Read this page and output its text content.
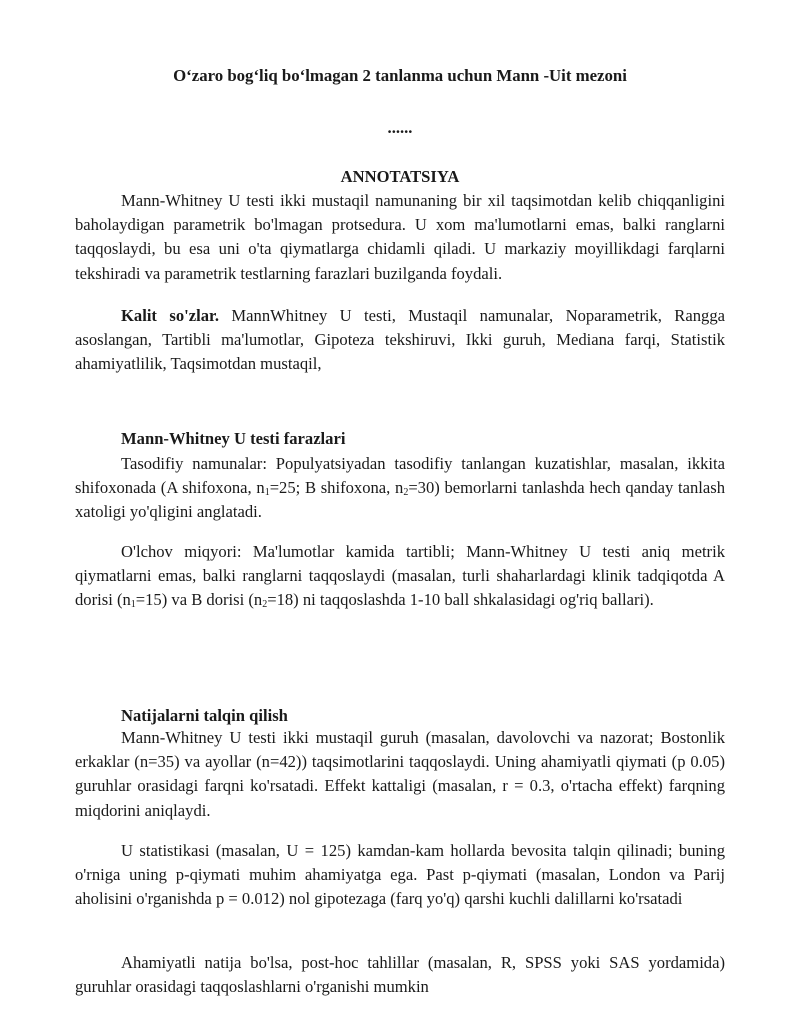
O‘zaro bog‘liq bo‘lmagan 2 tanlanma uchun Mann -Uit mezoni
......
ANNOTATSIYA

Mann-Whitney U testi ikki mustaqil namunaning bir xil taqsimotdan kelib chiqqanligini baholaydigan parametrik bo'lmagan protsedura. U xom ma'lumotlarni emas, balki ranglarni taqqoslaydi, bu esa uni o'ta qiymatlarga chidamli qiladi. U markaziy moyillikdagi farqlarni tekshiradi va parametrik testlarning farazlari buzilganda foydali.

Kalit so'zlar. MannWhitney U testi, Mustaqil namunalar, Noparametrik, Rangga asoslangan, Tartibli ma'lumotlar, Gipoteza tekshiruvi, Ikki guruh, Mediana farqi, Statistik ahamiyatlilik, Taqsimotdan mustaqil,

Mann-Whitney U testi farazlari

Tasodifiy namunalar: Populyatsiyadan tasodifiy tanlangan kuzatishlar, masalan, ikkita shifoxonada (A shifoxona, $n_1=25$; B shifoxona, $n_2=30$) bemorlarni tanlashda hech qanday tanlash xatoligi yo'qligini anglatadi.

O'lchov miqyori: Ma'lumotlar kamida tartibli; Mann-Whitney U testi aniq metrik qiymatlarni emas, balki ranglarni taqqoslaydi (masalan, turli shaharlardagi klinik tadqiqotda A dorisi $(n_1=15)$ va B dorisi $(n_2=18)$ ni taqqoslashda 1-10 ball shkalasidagi og'riq ballari).

Natijalarni talqin qilish

Mann-Whitney U testi ikki mustaqil guruh (masalan, davolovchi va nazorat; Bostonlik erkaklar (n=35) va ayollar (n=42)) taqsimotlarini taqqoslaydi. Uning ahamiyatli qiymati (p 0.05) guruhlar orasidagi farqni ko'rsatadi. Effekt kattaligi (masalan, r = 0.3, o'rtacha effekt) farqning miqdorini aniqlaydi.

U statistikasi (masalan, U = 125) kamdan-kam hollarda bevosita talqin qilinadi; buning o'rniga uning p-qiymati muhim ahamiyatga ega. Past p-qiymati (masalan, London va Parij aholisini o'rganishda p = 0.012) nol gipotezaga (farq yo'q) qarshi kuchli dalillarni ko'rsatadi

Ahamiyatli natija bo'lsa, post-hoc tahlillar (masalan, R, SPSS yoki SAS yordamida) guruhlar orasidagi taqqoslashlarni o'rganishi mumkin
